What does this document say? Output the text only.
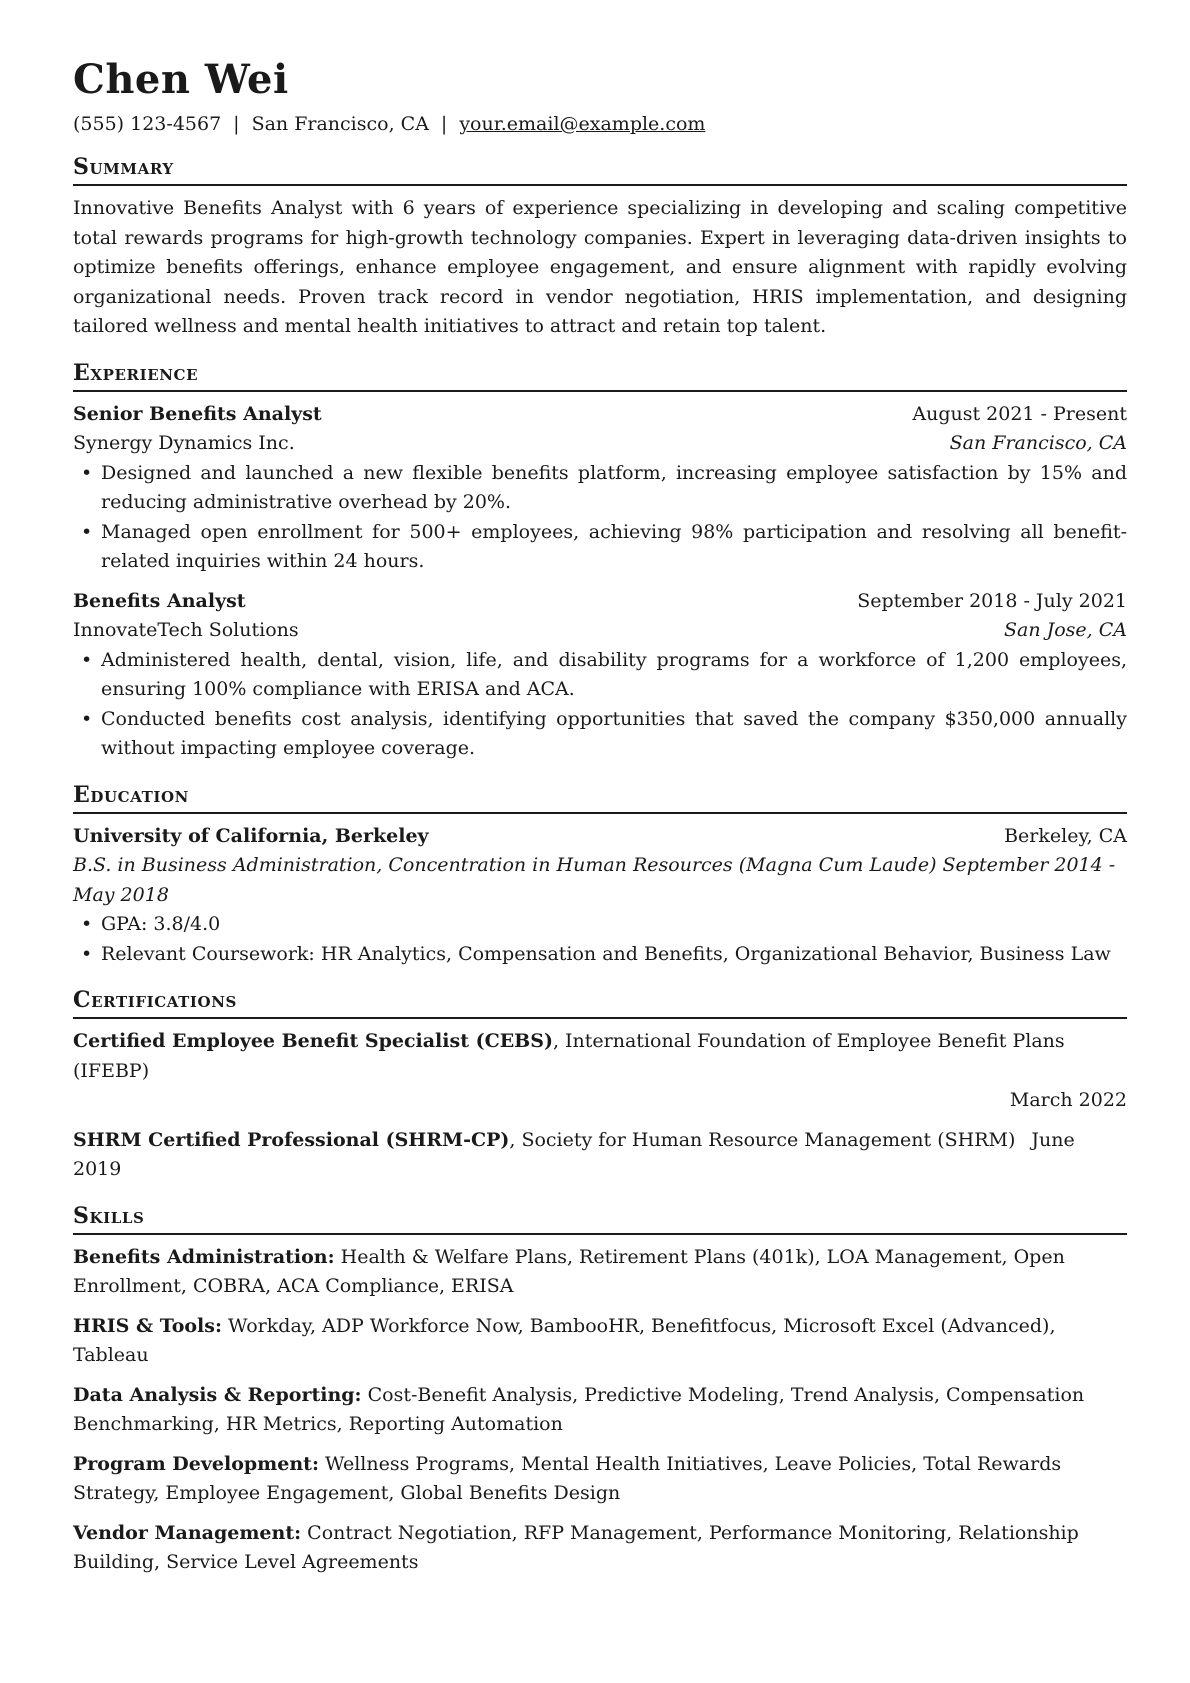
Chen Wei
(555) 123-4567 | San Francisco, CA | your.email@example.com
Summary
Innovative Benefits Analyst with 6 years of experience specializing in developing and scaling competitive total rewards programs for high-growth technology companies. Expert in leveraging data-driven insights to optimize benefits offerings, enhance employee engagement, and ensure alignment with rapidly evolving organizational needs. Proven track record in vendor negotiation, HRIS implementation, and designing tailored wellness and mental health initiatives to attract and retain top talent.
Experience
Senior Benefits Analyst	August 2021 - Present
Synergy Dynamics Inc.	San Francisco, CA
• Designed and launched a new flexible benefits platform, increasing employee satisfaction by 15% and reducing administrative overhead by 20%.
• Managed open enrollment for 500+ employees, achieving 98% participation and resolving all benefit-related inquiries within 24 hours.
Benefits Analyst	September 2018 - July 2021
InnovateTech Solutions	San Jose, CA
• Administered health, dental, vision, life, and disability programs for a workforce of 1,200 employees, ensuring 100% compliance with ERISA and ACA.
• Conducted benefits cost analysis, identifying opportunities that saved the company $350,000 annually without impacting employee coverage.
Education
University of California, Berkeley	Berkeley, CA
B.S. in Business Administration, Concentration in Human Resources (Magna Cum Laude) September 2014 - May 2018
• GPA: 3.8/4.0
• Relevant Coursework: HR Analytics, Compensation and Benefits, Organizational Behavior, Business Law
Certifications
Certified Employee Benefit Specialist (CEBS), International Foundation of Employee Benefit Plans (IFEBP)
March 2022
SHRM Certified Professional (SHRM-CP), Society for Human Resource Management (SHRM) June 2019
Skills
Benefits Administration: Health & Welfare Plans, Retirement Plans (401k), LOA Management, Open Enrollment, COBRA, ACA Compliance, ERISA
HRIS & Tools: Workday, ADP Workforce Now, BambooHR, Benefitfocus, Microsoft Excel (Advanced), Tableau
Data Analysis & Reporting: Cost-Benefit Analysis, Predictive Modeling, Trend Analysis, Compensation Benchmarking, HR Metrics, Reporting Automation
Program Development: Wellness Programs, Mental Health Initiatives, Leave Policies, Total Rewards Strategy, Employee Engagement, Global Benefits Design
Vendor Management: Contract Negotiation, RFP Management, Performance Monitoring, Relationship Building, Service Level Agreements
